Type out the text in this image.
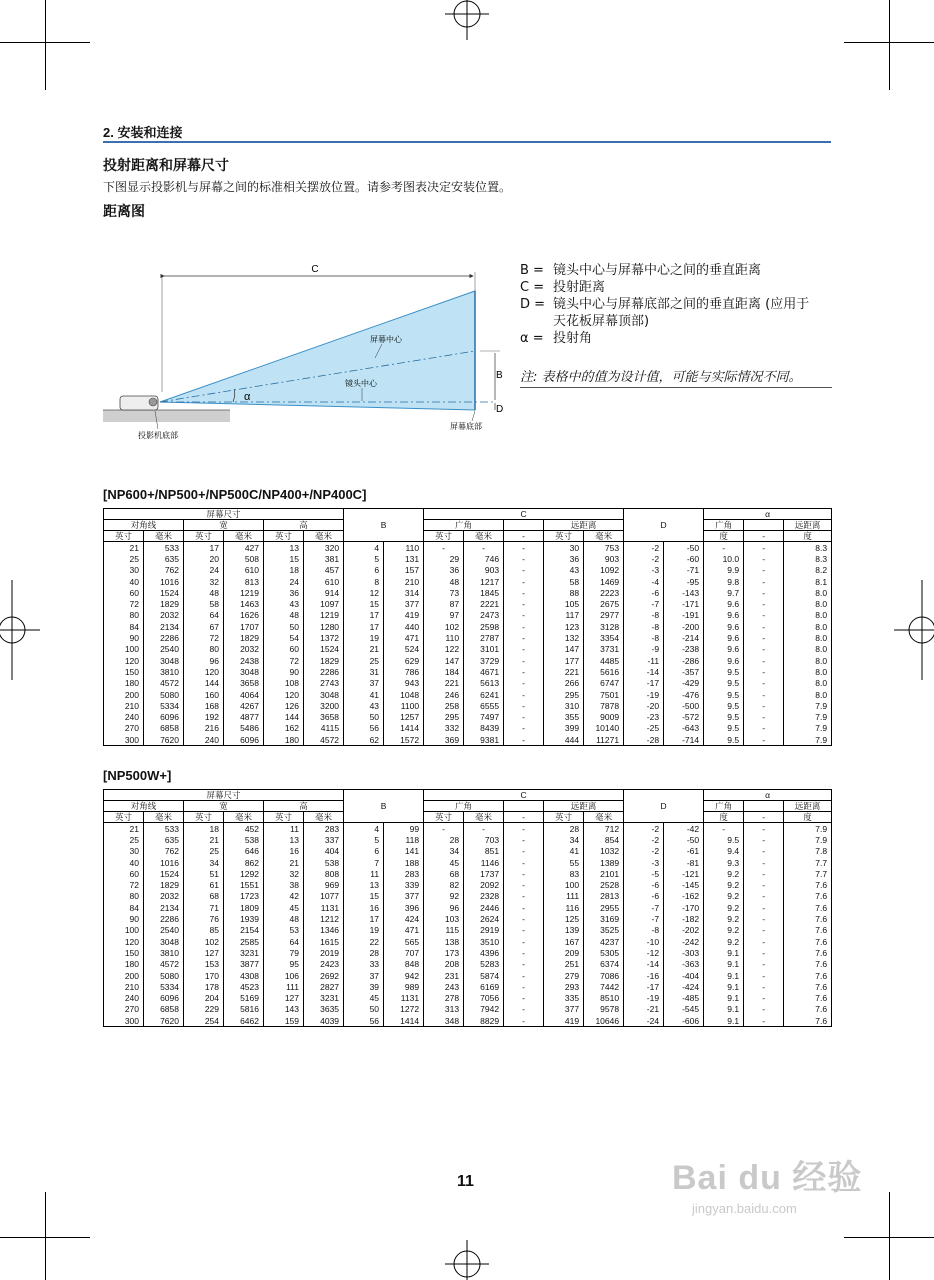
2. 安装和连接
投射距离和屏幕尺寸
下图显示投影机与屏幕之间的标准相关摆放位置。请参考图表决定安装位置。
距离图
C
B
D
α
屏幕中心
镜头中心
屏幕底部
投影机底部
B = 镜头中心与屏幕中心之间的垂直距离
C = 投射距离
D = 镜头中心与屏幕底部之间的垂直距离 (应用于
天花板屏幕顶部)
α = 投射角
注: 表格中的值为设计值，可能与实际情况不同。
[NP600+/NP500+/NP500C/NP400+/NP400C]
屏幕尺寸						B		C					D		α		
对角线		宽		高				广角			远距离				广角		远距离
英寸	毫米	英寸	毫米	英寸	毫米			英寸	毫米	-	英寸	毫米			度	-	度
21	533	17	427	13	320	4	110	-	-	-	30	753	-2	-50	-	-	8.3
25	635	20	508	15	381	5	131	29	746	-	36	903	-2	-60	10.0	-	8.3
30	762	24	610	18	457	6	157	36	903	-	43	1092	-3	-71	9.9	-	8.2
40	1016	32	813	24	610	8	210	48	1217	-	58	1469	-4	-95	9.8	-	8.1
60	1524	48	1219	36	914	12	314	73	1845	-	88	2223	-6	-143	9.7	-	8.0
72	1829	58	1463	43	1097	15	377	87	2221	-	105	2675	-7	-171	9.6	-	8.0
80	2032	64	1626	48	1219	17	419	97	2473	-	117	2977	-8	-191	9.6	-	8.0
84	2134	67	1707	50	1280	17	440	102	2598	-	123	3128	-8	-200	9.6	-	8.0
90	2286	72	1829	54	1372	19	471	110	2787	-	132	3354	-8	-214	9.6	-	8.0
100	2540	80	2032	60	1524	21	524	122	3101	-	147	3731	-9	-238	9.6	-	8.0
120	3048	96	2438	72	1829	25	629	147	3729	-	177	4485	-11	-286	9.6	-	8.0
150	3810	120	3048	90	2286	31	786	184	4671	-	221	5616	-14	-357	9.5	-	8.0
180	4572	144	3658	108	2743	37	943	221	5613	-	266	6747	-17	-429	9.5	-	8.0
200	5080	160	4064	120	3048	41	1048	246	6241	-	295	7501	-19	-476	9.5	-	8.0
210	5334	168	4267	126	3200	43	1100	258	6555	-	310	7878	-20	-500	9.5	-	7.9
240	6096	192	4877	144	3658	50	1257	295	7497	-	355	9009	-23	-572	9.5	-	7.9
270	6858	216	5486	162	4115	56	1414	332	8439	-	399	10140	-25	-643	9.5	-	7.9
300	7620	240	6096	180	4572	62	1572	369	9381	-	444	11271	-28	-714	9.5	-	7.9
[NP500W+]
屏幕尺寸						B		C					D		α		
对角线		宽		高				广角			远距离				广角		远距离
英寸	毫米	英寸	毫米	英寸	毫米			英寸	毫米	-	英寸	毫米			度	-	度
21	533	18	452	11	283	4	99	-	-	-	28	712	-2	-42	-	-	7.9
25	635	21	538	13	337	5	118	28	703	-	34	854	-2	-50	9.5	-	7.9
30	762	25	646	16	404	6	141	34	851	-	41	1032	-2	-61	9.4	-	7.8
40	1016	34	862	21	538	7	188	45	1146	-	55	1389	-3	-81	9.3	-	7.7
60	1524	51	1292	32	808	11	283	68	1737	-	83	2101	-5	-121	9.2	-	7.7
72	1829	61	1551	38	969	13	339	82	2092	-	100	2528	-6	-145	9.2	-	7.6
80	2032	68	1723	42	1077	15	377	92	2328	-	111	2813	-6	-162	9.2	-	7.6
84	2134	71	1809	45	1131	16	396	96	2446	-	116	2955	-7	-170	9.2	-	7.6
90	2286	76	1939	48	1212	17	424	103	2624	-	125	3169	-7	-182	9.2	-	7.6
100	2540	85	2154	53	1346	19	471	115	2919	-	139	3525	-8	-202	9.2	-	7.6
120	3048	102	2585	64	1615	22	565	138	3510	-	167	4237	-10	-242	9.2	-	7.6
150	3810	127	3231	79	2019	28	707	173	4396	-	209	5305	-12	-303	9.1	-	7.6
180	4572	153	3877	95	2423	33	848	208	5283	-	251	6374	-14	-363	9.1	-	7.6
200	5080	170	4308	106	2692	37	942	231	5874	-	279	7086	-16	-404	9.1	-	7.6
210	5334	178	4523	111	2827	39	989	243	6169	-	293	7442	-17	-424	9.1	-	7.6
240	6096	204	5169	127	3231	45	1131	278	7056	-	335	8510	-19	-485	9.1	-	7.6
270	6858	229	5816	143	3635	50	1272	313	7942	-	377	9578	-21	-545	9.1	-	7.6
300	7620	254	6462	159	4039	56	1414	348	8829	-	419	10646	-24	-606	9.1	-	7.6
11	Bai du 经验
jingyan.baidu.com
